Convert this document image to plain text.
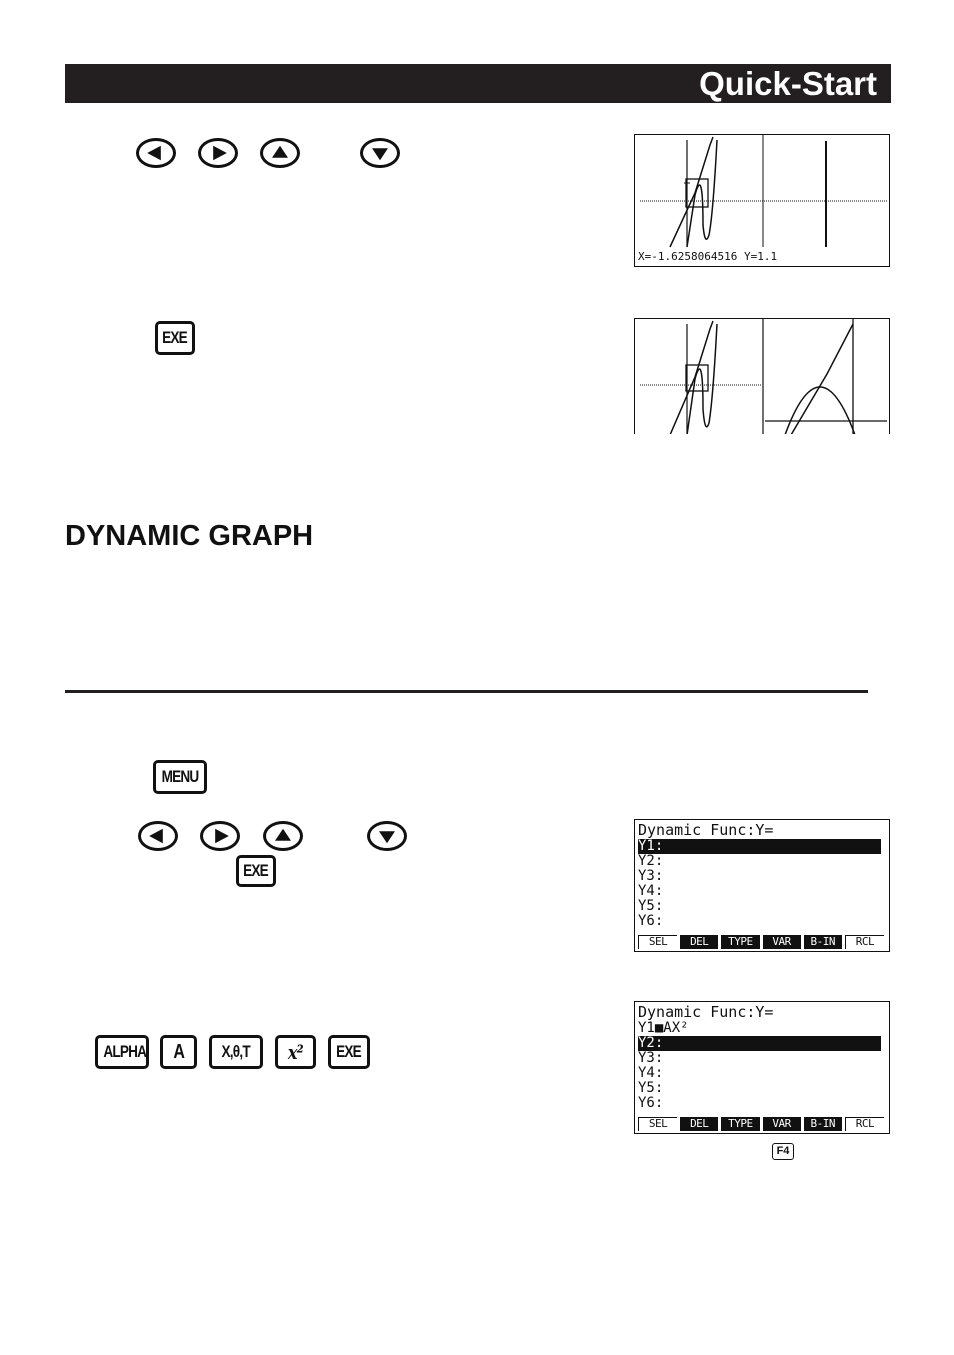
Quick-Start
EXE
X=-1.6258064516 Y=1.1
DYNAMIC GRAPH
MENU
EXE
Dynamic Func:Y=
Y1:
Y2:
Y3:
Y4:
Y5:
Y6:
SEL	DEL	TYPE	VAR	B-IN	RCL
ALPHA	A	X,θ,T	x²	EXE
Dynamic Func:Y=
Y1■AX²
Y2:
Y3:
Y4:
Y5:
Y6:
SEL	DEL	TYPE	VAR	B-IN	RCL
F4
